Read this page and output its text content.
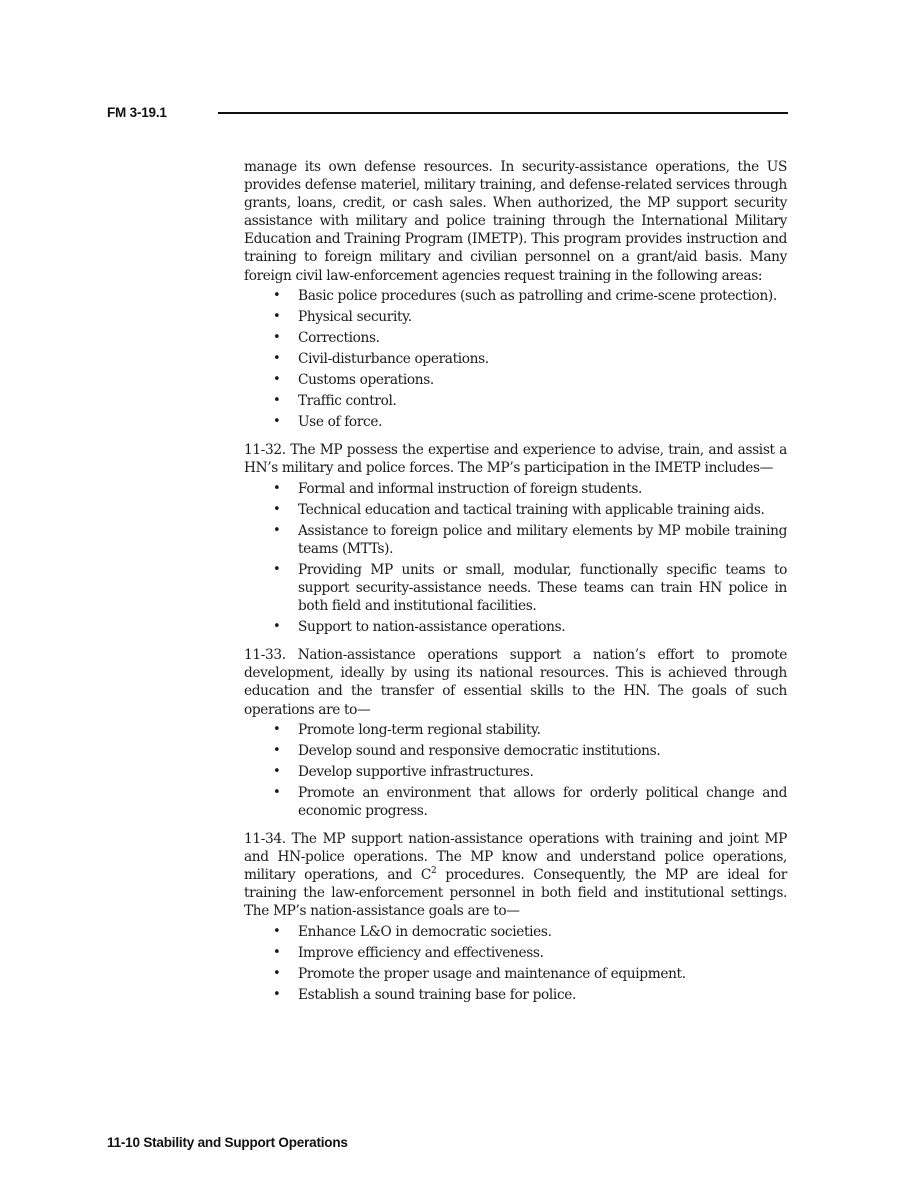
FM 3-19.1

manage its own defense resources. In security-assistance operations, the US provides defense materiel, military training, and defense-related services through grants, loans, credit, or cash sales. When authorized, the MP support security assistance with military and police training through the International Military Education and Training Program (IMETP). This program provides instruction and training to foreign military and civilian personnel on a grant/aid basis. Many foreign civil law-enforcement agencies request training in the following areas:

• Basic police procedures (such as patrolling and crime-scene protection).
• Physical security.
• Corrections.
• Civil-disturbance operations.
• Customs operations.
• Traffic control.
• Use of force.

11-32. The MP possess the expertise and experience to advise, train, and assist a HN’s military and police forces. The MP’s participation in the IMETP includes—

• Formal and informal instruction of foreign students.
• Technical education and tactical training with applicable training aids.
• Assistance to foreign police and military elements by MP mobile training teams (MTTs).
• Providing MP units or small, modular, functionally specific teams to support security-assistance needs. These teams can train HN police in both field and institutional facilities.
• Support to nation-assistance operations.

11-33. Nation-assistance operations support a nation’s effort to promote development, ideally by using its national resources. This is achieved through education and the transfer of essential skills to the HN. The goals of such operations are to—

• Promote long-term regional stability.
• Develop sound and responsive democratic institutions.
• Develop supportive infrastructures.
• Promote an environment that allows for orderly political change and economic progress.

11-34. The MP support nation-assistance operations with training and joint MP and HN-police operations. The MP know and understand police operations, military operations, and $C^2$ procedures. Consequently, the MP are ideal for training the law-enforcement personnel in both field and institutional settings. The MP’s nation-assistance goals are to—

• Enhance L&O in democratic societies.
• Improve efficiency and effectiveness.
• Promote the proper usage and maintenance of equipment.
• Establish a sound training base for police.
11-10 Stability and Support Operations
